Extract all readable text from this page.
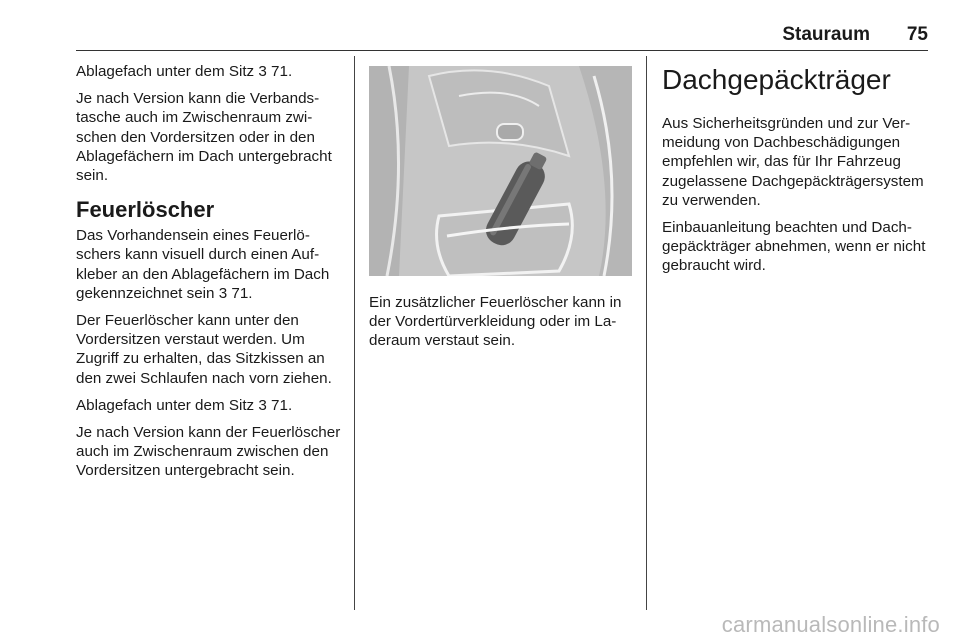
Stauraum	75

Ablagefach unter dem Sitz 3 71.

Je nach Version kann die Verbandstasche auch im Zwischenraum zwischen den Vordersitzen oder in den Ablagefächern im Dach untergebracht sein.

Feuerlöscher

Das Vorhandensein eines Feuerlöschers kann visuell durch einen Aufkleber an den Ablagefächern im Dach gekennzeichnet sein 3 71.

Der Feuerlöscher kann unter den Vordersitzen verstaut werden. Um Zugriff zu erhalten, das Sitzkissen an den zwei Schlaufen nach vorn ziehen.

Ablagefach unter dem Sitz 3 71.

Je nach Version kann der Feuerlöscher auch im Zwischenraum zwischen den Vordersitzen untergebracht sein.

Ein zusätzlicher Feuerlöscher kann in der Vordertürverkleidung oder im Laderaum verstaut sein.
Dachgepäckträger

Aus Sicherheitsgründen und zur Vermeidung von Dachbeschädigungen empfehlen wir, das für Ihr Fahrzeug zugelassene Dachgepäckträgersystem zu verwenden.

Einbauanleitung beachten und Dachgepäckträger abnehmen, wenn er nicht gebraucht wird.

carmanualsonline.info
